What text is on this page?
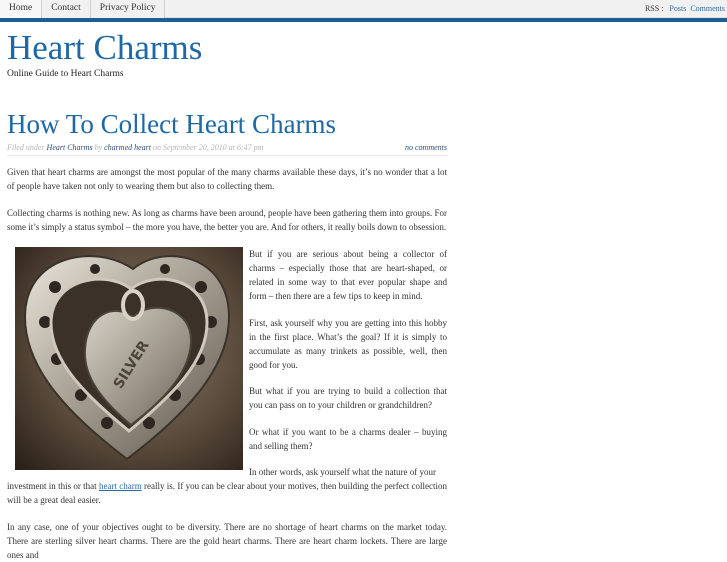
Home	Contact	Privacy Policy	RSS : Posts Comments
Heart Charms
Online Guide to Heart Charms
How To Collect Heart Charms
Filed under Heart Charms by charmed heart on September 20, 2010 at 6:47 pm	no comments

Given that heart charms are amongst the most popular of the many charms available these days, it’s no wonder that a lot of people have taken not only to wearing them but also to collecting them.

Collecting charms is nothing new. As long as charms have been around, people have been gathering them into groups. For some it’s simply a status symbol – the more you have, the better you are. And for others, it really boils down to obsession.

SILVER

But if you are serious about being a collector of charms – especially those that are heart-shaped, or related in some way to that ever popular shape and form – then there are a few tips to keep in mind.

First, ask yourself why you are getting into this hobby in the first place. What’s the goal? If it is simply to accumulate as many trinkets as possible, well, then good for you.

But what if you are trying to build a collection that you can pass on to your children or grandchildren?

Or what if you want to be a charms dealer – buying and selling them?

In other words, ask yourself what the nature of your

investment in this or that heart charm really is. If you can be clear about your motives, then building the perfect collection will be a great deal easier.

In any case, one of your objectives ought to be diversity. There are no shortage of heart charms on the market today. There are sterling silver heart charms. There are the gold heart charms. There are heart charm lockets. There are large ones and
